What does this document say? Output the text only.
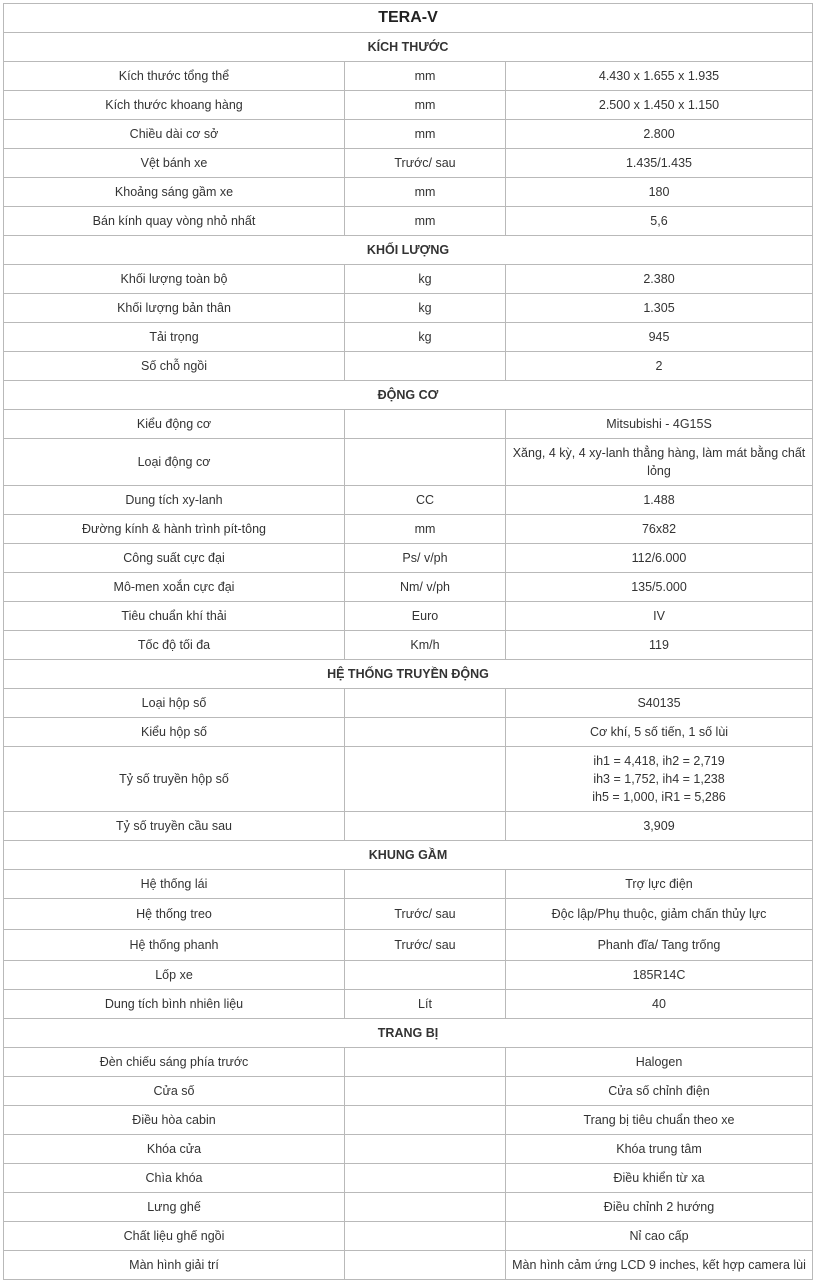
TERA-V		
KÍCH THƯỚC		
Kích thước tổng thể	mm	4.430 x 1.655 x 1.935

Kích thước khoang hàng	mm	2.500 x 1.450 x 1.150

Chiều dài cơ sở	mm	2.800

Vệt bánh xe	Trước/ sau	1.435/1.435

Khoảng sáng gầm xe	mm	180

Bán kính quay vòng nhỏ nhất	mm	5,6

KHỐI LƯỢNG		
Khối lượng toàn bộ	kg	2.380

Khối lượng bản thân	kg	1.305

Tải trọng	kg	945

Số chỗ ngồi		2

ĐỘNG CƠ		
Kiểu động cơ		Mitsubishi - 4G15S

Loại động cơ		Xăng, 4 kỳ, 4 xy-lanh thẳng hàng, làm mát bằng chất
lỏng

Dung tích xy-lanh	CC	1.488

Đường kính & hành trình pít-tông	mm	76x82

Công suất cực đại	Ps/ v/ph	112/6.000

Mô-men xoắn cực đại	Nm/ v/ph	135/5.000

Tiêu chuẩn khí thải	Euro	IV

Tốc độ tối đa	Km/h	119

HỆ THỐNG TRUYỀN ĐỘNG		
Loại hộp số		S40135

Kiểu hộp số		Cơ khí, 5 số tiến, 1 số lùi

Tỷ số truyền hộp số		ih1 = 4,418, ih2 = 2,719
ih3 = 1,752, ih4 = 1,238
ih5 = 1,000, iR1 = 5,286

Tỷ số truyền cầu sau		3,909

KHUNG GẦM		
Hệ thống lái		Trợ lực điện

Hệ thống treo	Trước/ sau	Độc lập/Phụ thuộc, giảm chấn thủy lực

Hệ thống phanh	Trước/ sau	Phanh đĩa/ Tang trống

Lốp xe		185R14C

Dung tích bình nhiên liệu	Lít	40

TRANG BỊ		
Đèn chiếu sáng phía trước		Halogen

Cửa số		Cửa số chỉnh điện

Điều hòa cabin		Trang bị tiêu chuẩn theo xe

Khóa cửa		Khóa trung tâm

Chìa khóa		Điều khiển từ xa

Lưng ghế		Điều chỉnh 2 hướng

Chất liệu ghế ngồi		Nỉ cao cấp

Màn hình giải trí		Màn hình cảm ứng LCD 9 inches, kết hợp camera lùi
